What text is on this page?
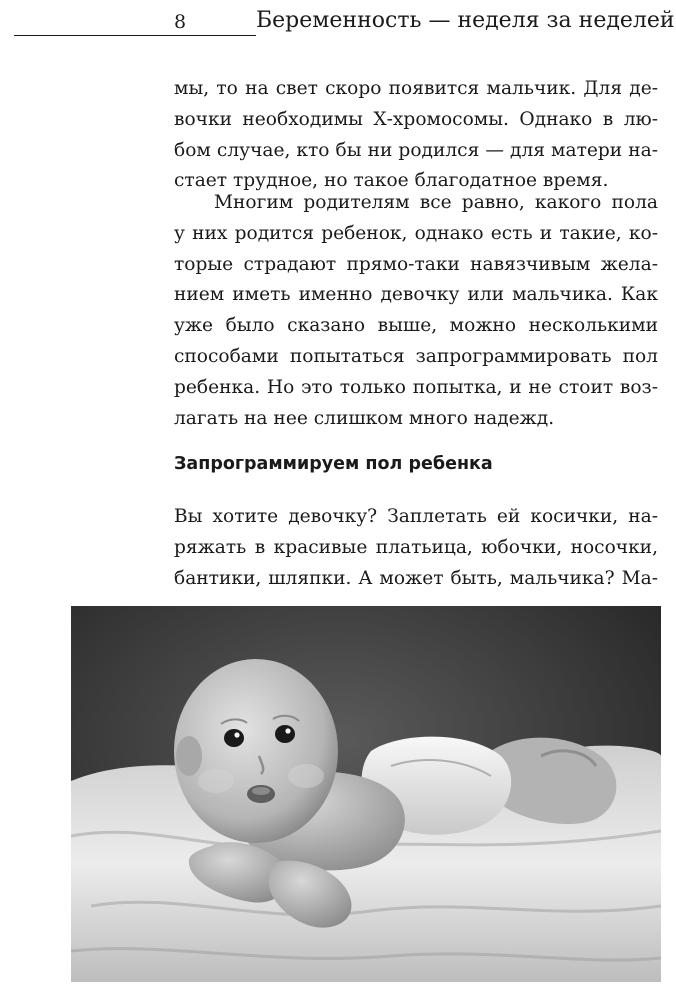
8	Беременность — неделя за неделей
мы, то на свет скоро появится мальчик. Для де-
вочки необходимы Х-хромосомы. Однако в лю-
бом случае, кто бы ни родился — для матери на-
стает трудное, но такое благодатное время.
Многим родителям все равно, какого пола
у них родится ребенок, однако есть и такие, ко-
торые страдают прямо-таки навязчивым жела-
нием иметь именно девочку или мальчика. Как
уже было сказано выше, можно несколькими
способами попытаться запрограммировать пол
ребенка. Но это только попытка, и не стоит воз-
лагать на нее слишком много надежд.
Запрограммируем пол ребенка
Вы хотите девочку? Заплетать ей косички, на-
ряжать в красивые платьица, юбочки, носочки,
бантики, шляпки. А может быть, мальчика? Ма-
